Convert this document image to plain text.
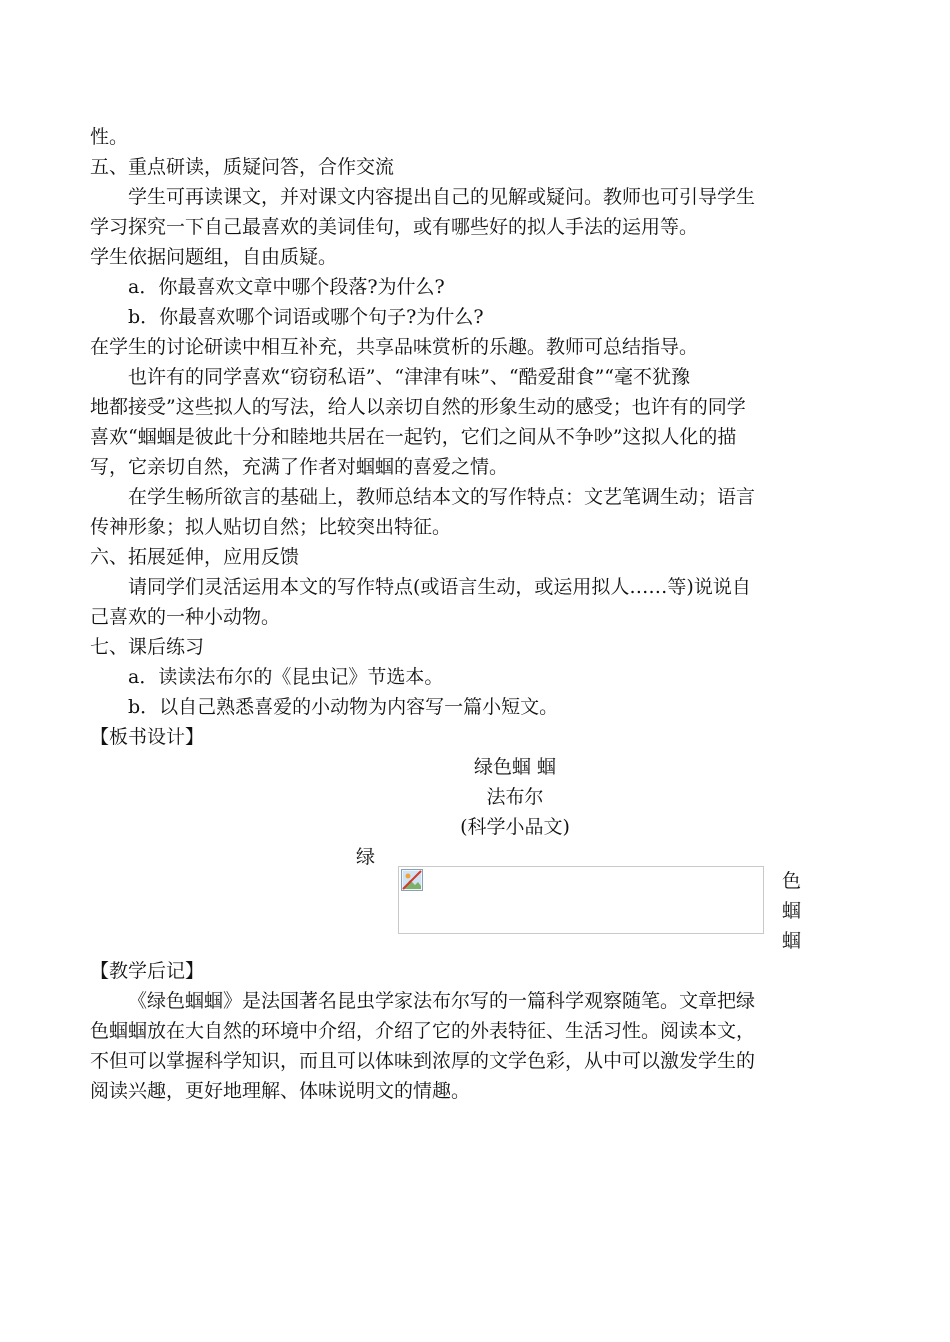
性。
五、重点研读，质疑问答，合作交流
学生可再读课文，并对课文内容提出自己的见解或疑问。教师也可引导学生
学习探究一下自己最喜欢的美词佳句，或有哪些好的拟人手法的运用等。
学生依据问题组，自由质疑。
a．你最喜欢文章中哪个段落?为什么?
b．你最喜欢哪个词语或哪个句子?为什么?
在学生的讨论研读中相互补充，共享品味赏析的乐趣。教师可总结指导。
也许有的同学喜欢“窃窃私语”、“津津有味”、“酷爱甜食”“毫不犹豫
地都接受”这些拟人的写法，给人以亲切自然的形象生动的感受；也许有的同学
喜欢“蝈蝈是彼此十分和睦地共居在一起钓，它们之间从不争吵”这拟人化的描
写，它亲切自然，充满了作者对蝈蝈的喜爱之情。
在学生畅所欲言的基础上，教师总结本文的写作特点：文艺笔调生动；语言
传神形象；拟人贴切自然；比较突出特征。
六、拓展延伸，应用反馈
请同学们灵活运用本文的写作特点(或语言生动，或运用拟人……等)说说自
己喜欢的一种小动物。
七、课后练习
a．读读法布尔的《昆虫记》节选本。
b．以自己熟悉喜爱的小动物为内容写一篇小短文。
【板书设计】
绿色蝈 蝈
法布尔
(科学小品文)
绿
色
蝈
蝈
【教学后记】
《绿色蝈蝈》是法国著名昆虫学家法布尔写的一篇科学观察随笔。文章把绿
色蝈蝈放在大自然的环境中介绍，介绍了它的外表特征、生活习性。阅读本文，
不但可以掌握科学知识，而且可以体味到浓厚的文学色彩，从中可以激发学生的
阅读兴趣，更好地理解、体味说明文的情趣。
